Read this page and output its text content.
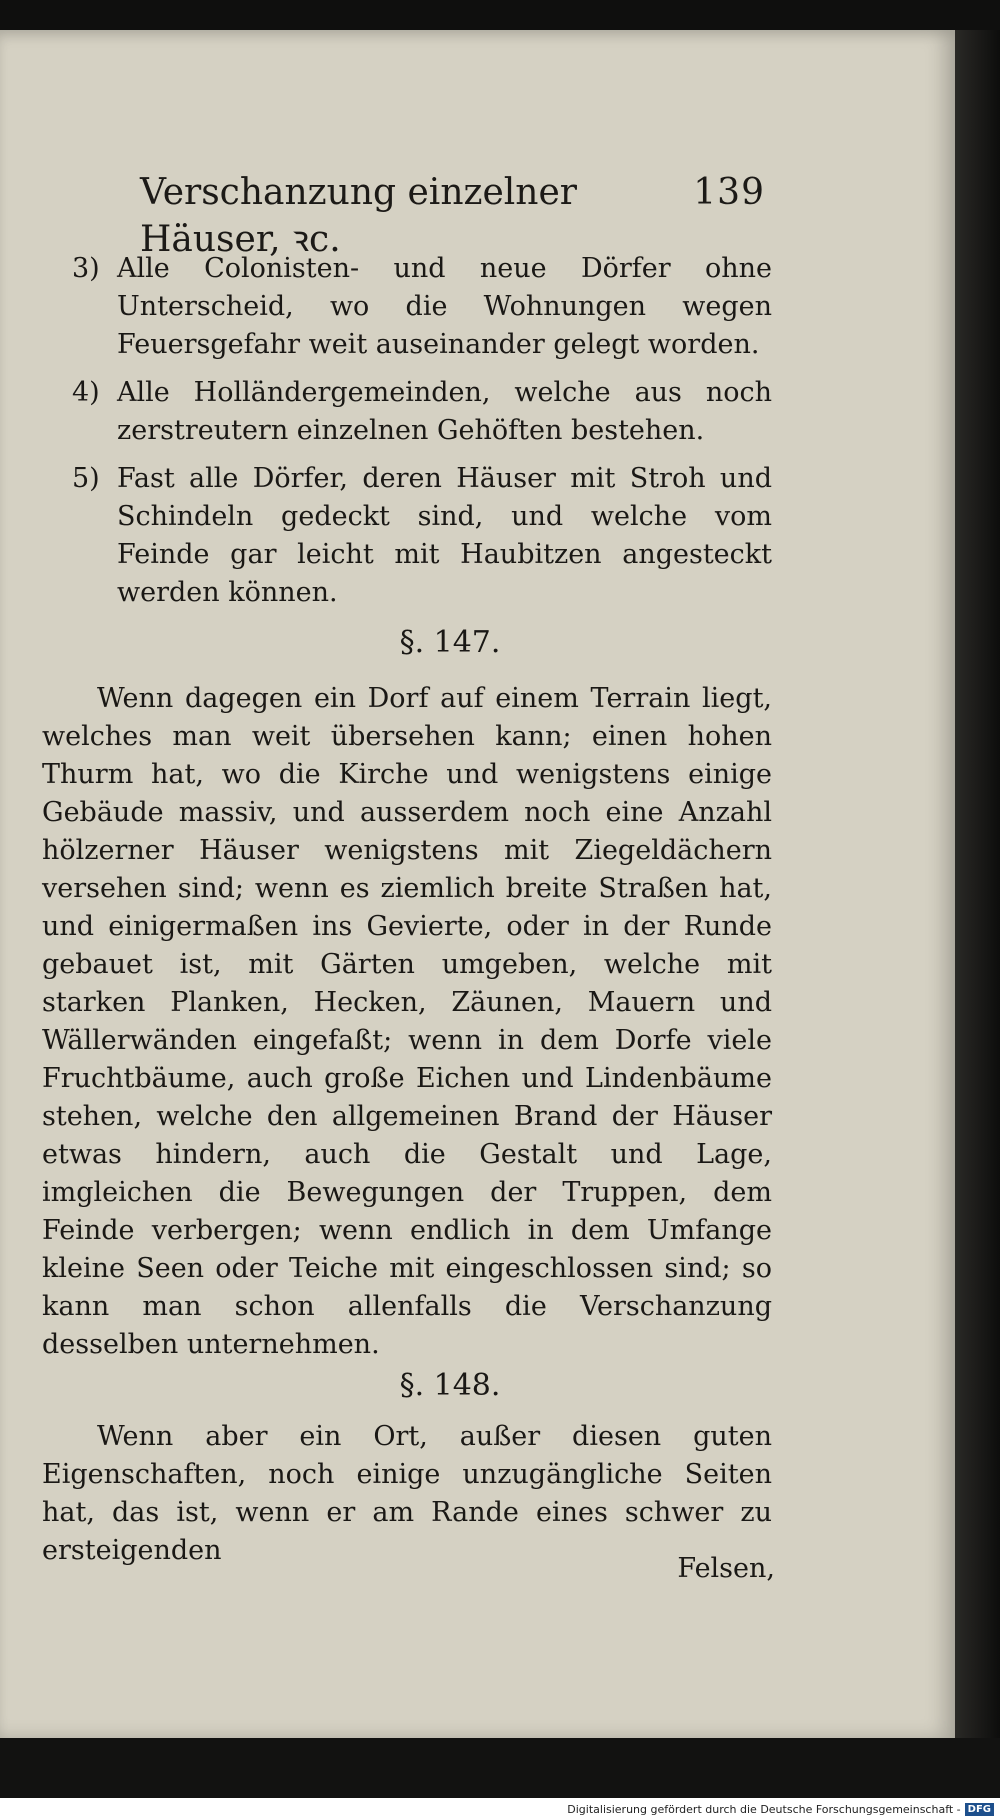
Verschanzung einzelner Häuser, ꝛc.
139
3) Alle Colonisten- und neue Dörfer ohne Unterscheid, wo die Wohnungen wegen Feuersgefahr weit auseinander gelegt worden.

4) Alle Holländergemeinden, welche aus noch zerstreutern einzelnen Gehöften bestehen.

5) Fast alle Dörfer, deren Häuser mit Stroh und Schindeln gedeckt sind, und welche vom Feinde gar leicht mit Haubitzen angesteckt werden können.

§. 147.

Wenn dagegen ein Dorf auf einem Terrain liegt, welches man weit übersehen kann; einen hohen Thurm hat, wo die Kirche und wenigstens einige Gebäude massiv, und ausserdem noch eine Anzahl hölzerner Häuser wenigstens mit Ziegeldächern versehen sind; wenn es ziemlich breite Straßen hat, und einigermaßen ins Gevierte, oder in der Runde gebauet ist, mit Gärten umgeben, welche mit starken Planken, Hecken, Zäunen, Mauern und Wällerwänden eingefaßt; wenn in dem Dorfe viele Fruchtbäume, auch große Eichen und Lindenbäume stehen, welche den allgemeinen Brand der Häuser etwas hindern, auch die Gestalt und Lage, imgleichen die Bewegungen der Truppen, dem Feinde verbergen; wenn endlich in dem Umfange kleine Seen oder Teiche mit eingeschlossen sind; so kann man schon allenfalls die Verschanzung desselben unternehmen.

§. 148.

Wenn aber ein Ort, außer diesen guten Eigenschaften, noch einige unzugängliche Seiten hat, das ist, wenn er am Rande eines schwer zu ersteigenden

Felsen,
Digitalisierung gefördert durch die Deutsche Forschungsgemeinschaft - DFG
